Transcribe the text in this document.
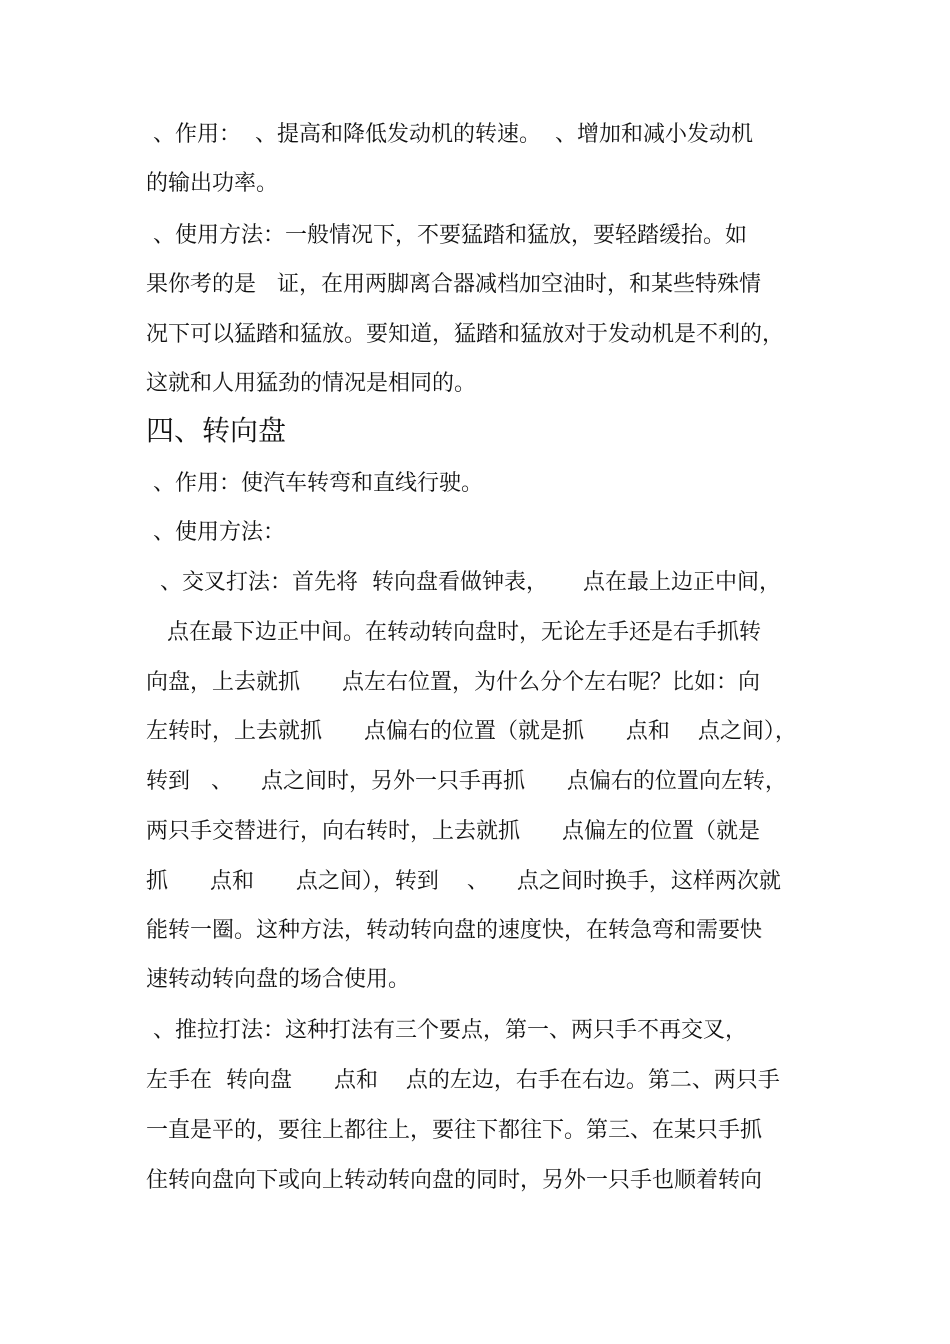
、作用：  、提高和降低发动机的转速。  、增加和减小发动机
的输出功率。
、使用方法：一般情况下，不要猛踏和猛放，要轻踏缓抬。如
果你考的是   证，在用两脚离合器减档加空油时，和某些特殊情
况下可以猛踏和猛放。要知道，猛踏和猛放对于发动机是不利的，
这就和人用猛劲的情况是相同的。
四、转向盘
、作用：使汽车转弯和直线行驶。
、使用方法：
、交叉打法：首先将  转向盘看做钟表，     点在最上边正中间，
点在最下边正中间。在转动转向盘时，无论左手还是右手抓转
向盘，上去就抓      点左右位置，为什么分个左右呢？比如：向
左转时，上去就抓      点偏右的位置（就是抓      点和    点之间），
转到   、    点之间时，另外一只手再抓      点偏右的位置向左转，
两只手交替进行，向右转时，上去就抓      点偏左的位置（就是
抓      点和      点之间），转到    、    点之间时换手，这样两次就
能转一圈。这种方法，转动转向盘的速度快，在转急弯和需要快
速转动转向盘的场合使用。
、推拉打法：这种打法有三个要点，第一、两只手不再交叉，
左手在  转向盘      点和    点的左边，右手在右边。第二、两只手
一直是平的，要往上都往上，要往下都往下。第三、在某只手抓
住转向盘向下或向上转动转向盘的同时，另外一只手也顺着转向
